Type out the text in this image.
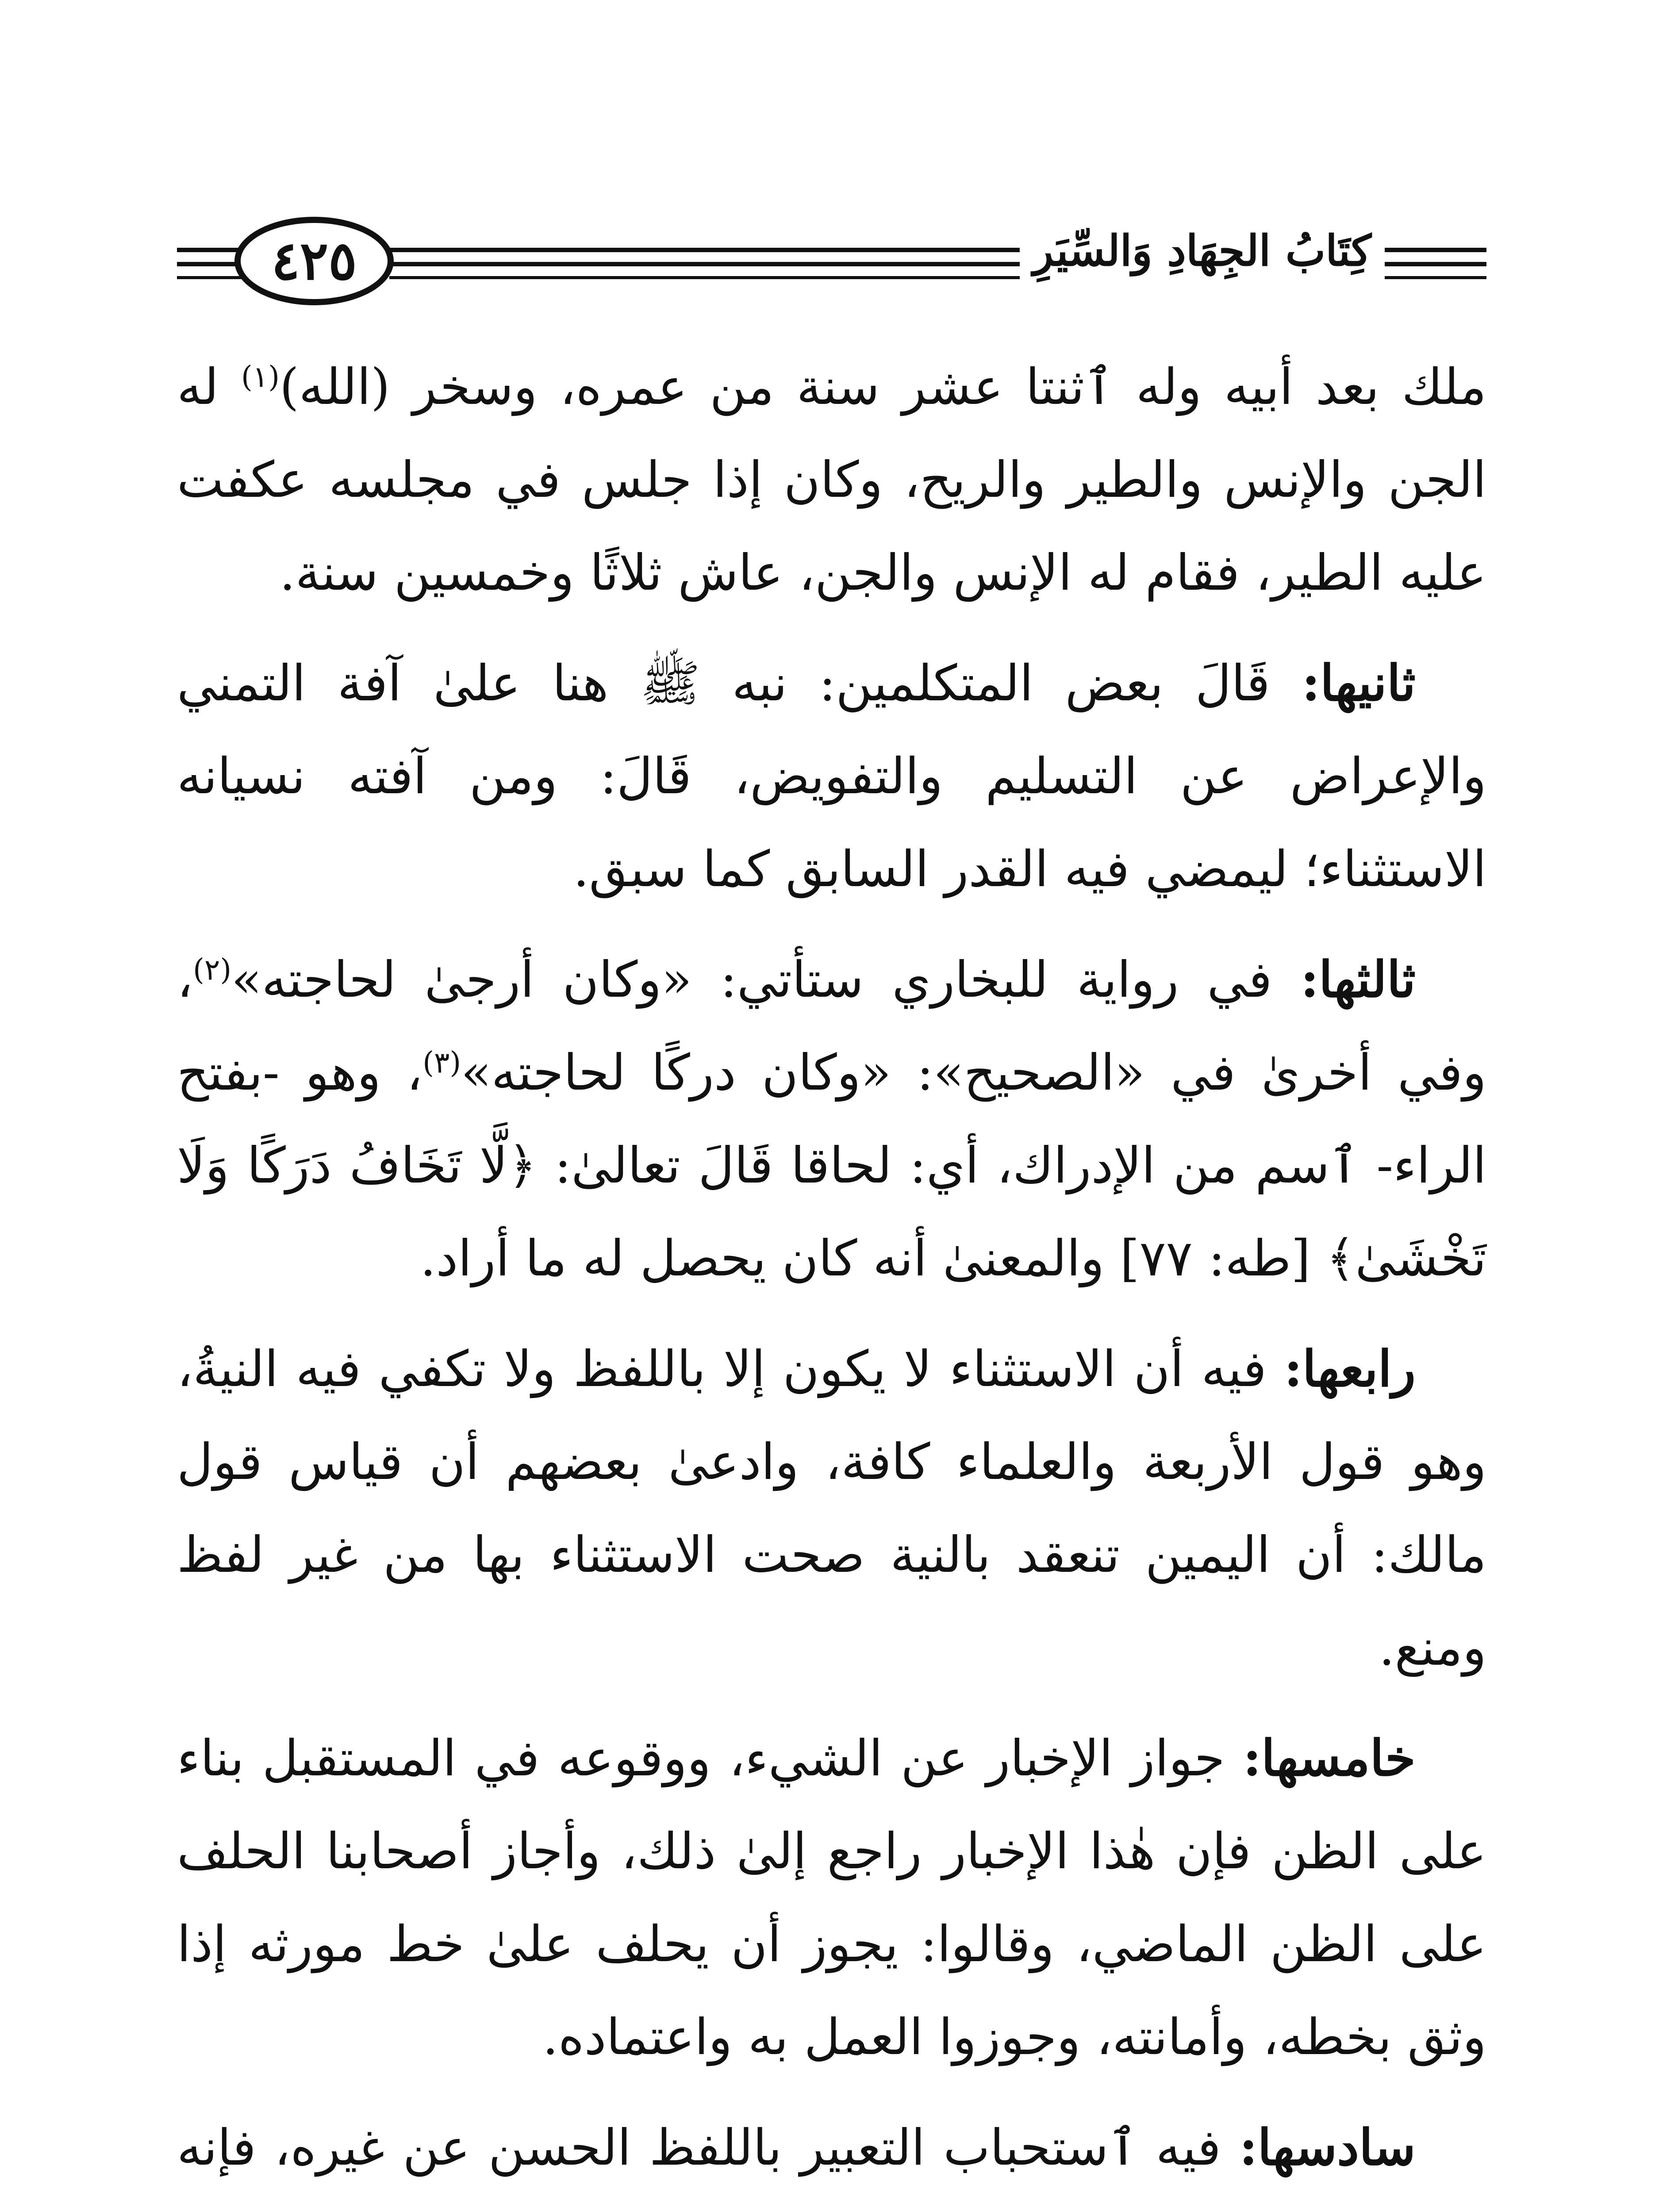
٤٢٥	كِتَابُ الجِهَادِ وَالسِّيَرِ

ملك بعد أبيه وله ٱثنتا عشر سنة من عمره، وسخر (الله)$^{(١)}$ له الجن والإنس والطير والريح، وكان إذا جلس في مجلسه عكفت عليه الطير، فقام له الإنس والجن، عاش ثلاثًا وخمسين سنة.

ثانيها: قَالَ بعض المتكلمين: نبه ﷺ هنا علىٰ آفة التمني والإعراض عن التسليم والتفويض، قَالَ: ومن آفته نسيانه الاستثناء؛ ليمضي فيه القدر السابق كما سبق.

ثالثها: في رواية للبخاري ستأتي: «وكان أرجىٰ لحاجته»$^{(٢)}$، وفي أخرىٰ في «الصحيح»: «وكان دركًا لحاجته»$^{(٣)}$، وهو -بفتح الراء- ٱسم من الإدراك، أي: لحاقا قَالَ تعالىٰ: ﴿لَّا تَخَافُ دَرَكًا وَلَا تَخْشَىٰ﴾ [طه: ٧٧] والمعنىٰ أنه كان يحصل له ما أراد.

رابعها: فيه أن الاستثناء لا يكون إلا باللفظ ولا تكفي فيه النيةُ، وهو قول الأربعة والعلماء كافة، وادعىٰ بعضهم أن قياس قول مالك: أن اليمين تنعقد بالنية صحت الاستثناء بها من غير لفظ ومنع.

خامسها: جواز الإخبار عن الشيء، ووقوعه في المستقبل بناء على الظن فإن هٰذا الإخبار راجع إلىٰ ذلك، وأجاز أصحابنا الحلف على الظن الماضي، وقالوا: يجوز أن يحلف علىٰ خط مورثه إذا وثق بخطه، وأمانته، وجوزوا العمل به واعتماده.

سادسها: فيه ٱستحباب التعبير باللفظ الحسن عن غيره، فإنه
